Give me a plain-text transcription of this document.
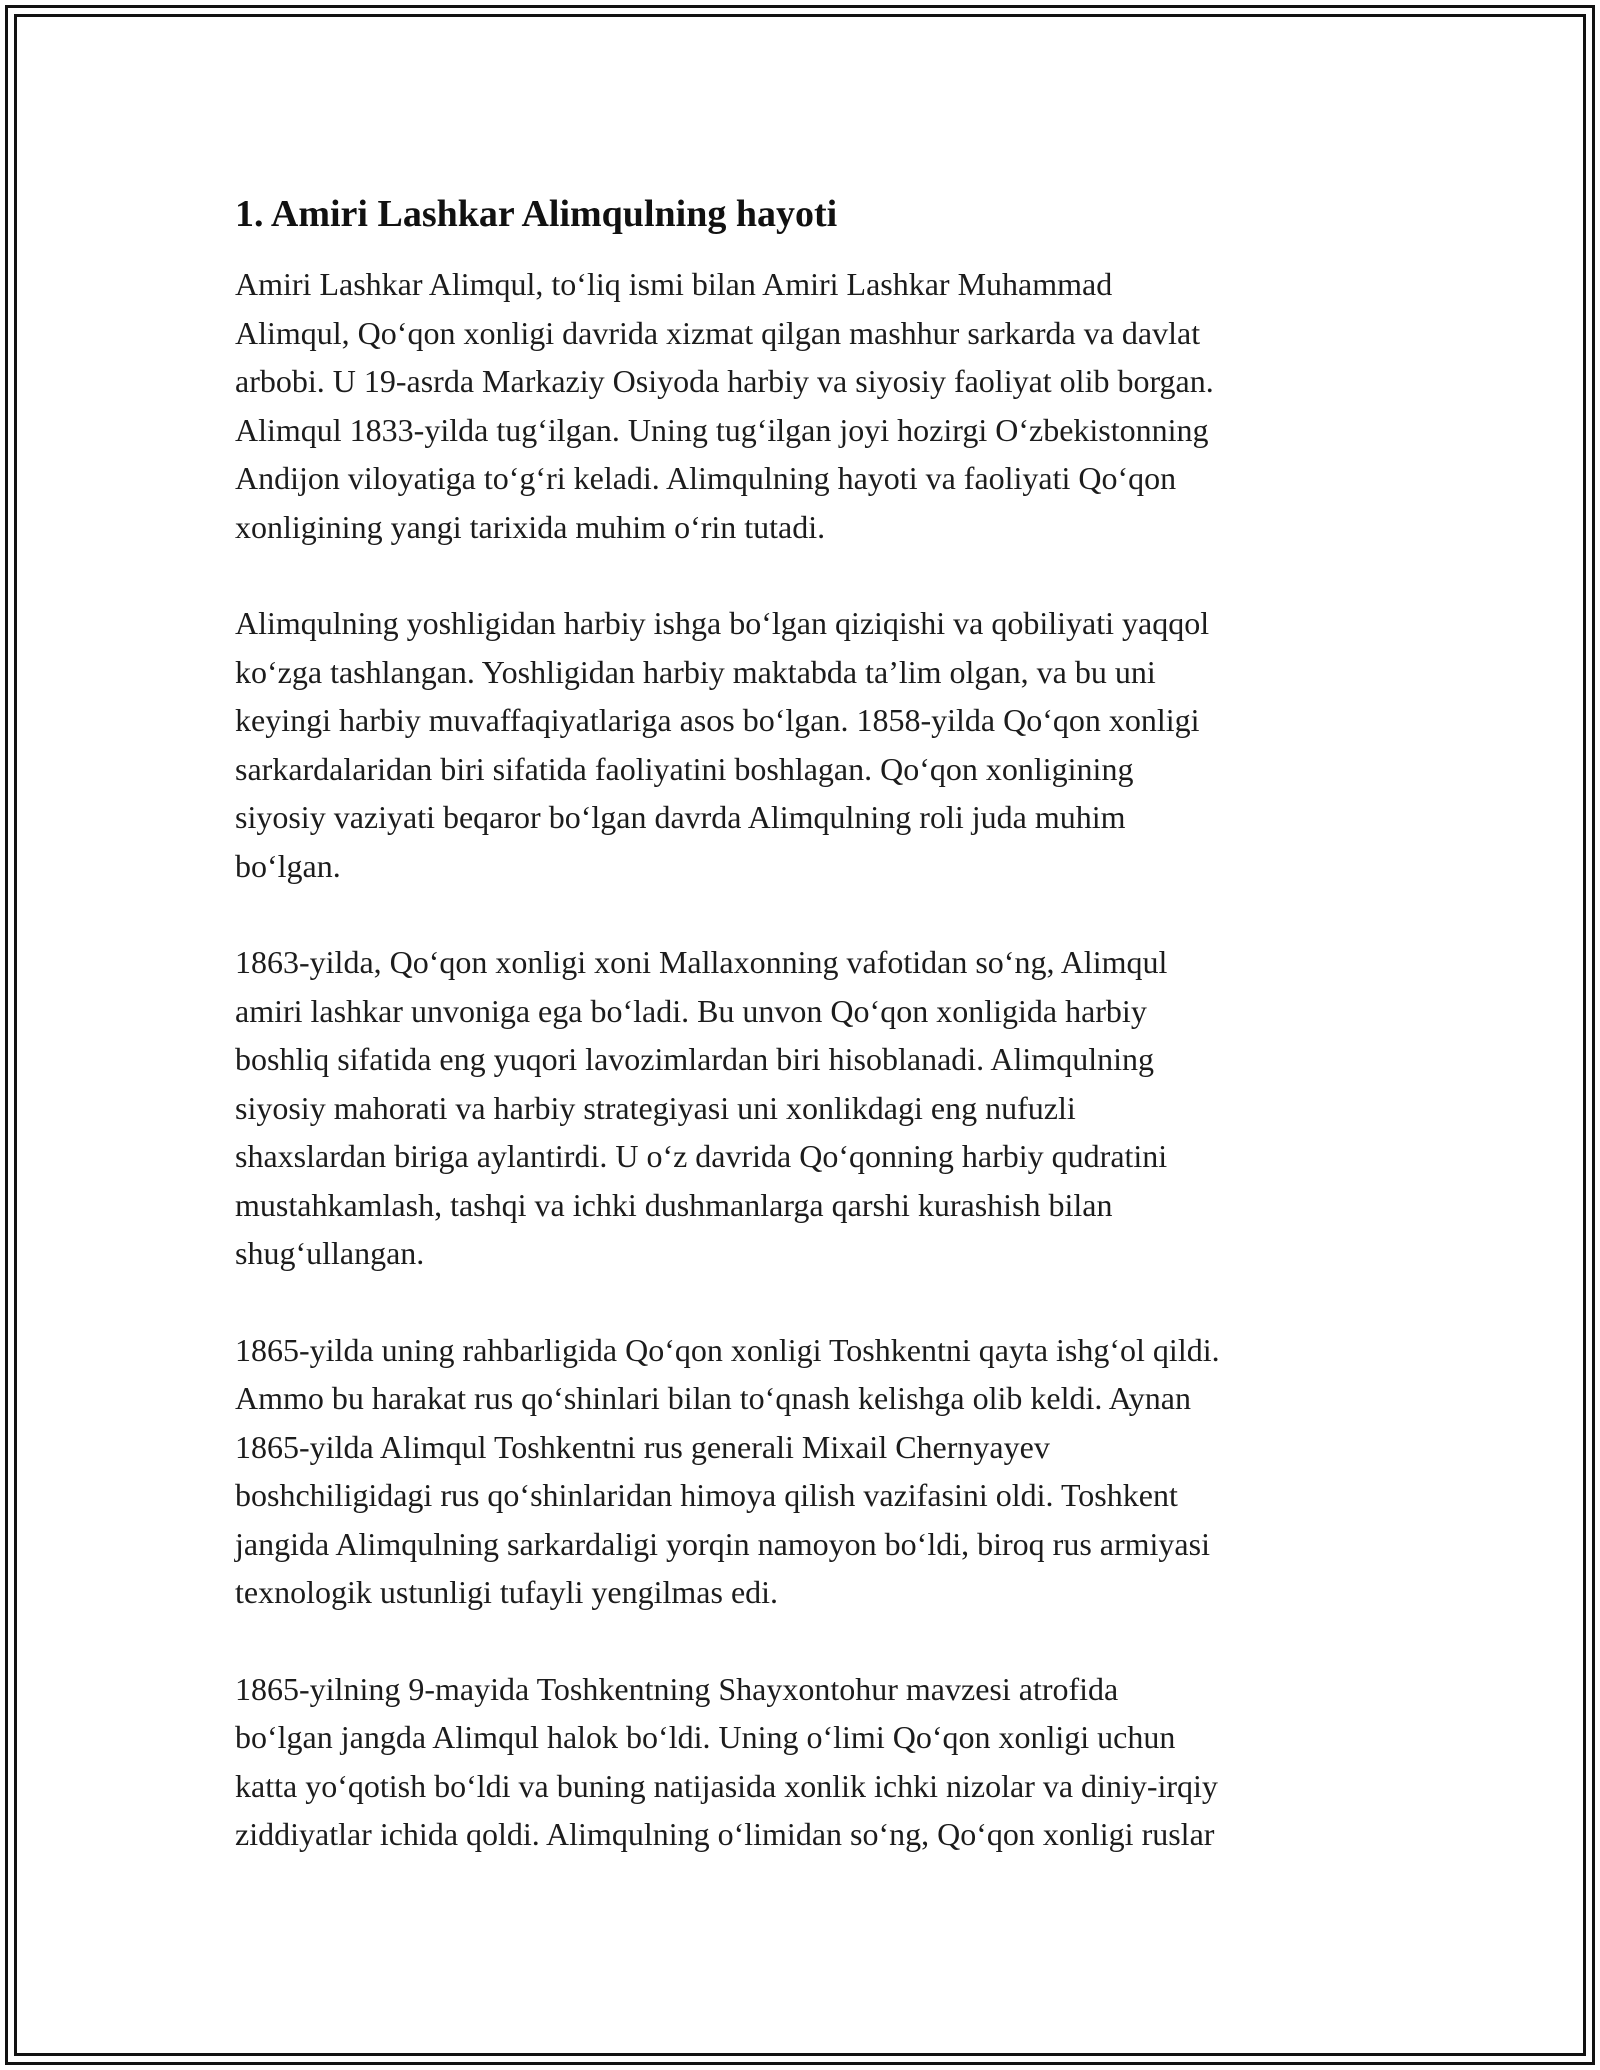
1. Amiri Lashkar Alimqulning hayoti
Amiri Lashkar Alimqul, to‘liq ismi bilan Amiri Lashkar Muhammad
Alimqul, Qo‘qon xonligi davrida xizmat qilgan mashhur sarkarda va davlat
arbobi. U 19-asrda Markaziy Osiyoda harbiy va siyosiy faoliyat olib borgan.
Alimqul 1833-yilda tug‘ilgan. Uning tug‘ilgan joyi hozirgi O‘zbekistonning
Andijon viloyatiga to‘g‘ri keladi. Alimqulning hayoti va faoliyati Qo‘qon
xonligining yangi tarixida muhim o‘rin tutadi.
Alimqulning yoshligidan harbiy ishga bo‘lgan qiziqishi va qobiliyati yaqqol
ko‘zga tashlangan. Yoshligidan harbiy maktabda ta’lim olgan, va bu uni
keyingi harbiy muvaffaqiyatlariga asos bo‘lgan. 1858-yilda Qo‘qon xonligi
sarkardalaridan biri sifatida faoliyatini boshlagan. Qo‘qon xonligining
siyosiy vaziyati beqaror bo‘lgan davrda Alimqulning roli juda muhim
bo‘lgan.
1863-yilda, Qo‘qon xonligi xoni Mallaxonning vafotidan so‘ng, Alimqul
amiri lashkar unvoniga ega bo‘ladi. Bu unvon Qo‘qon xonligida harbiy
boshliq sifatida eng yuqori lavozimlardan biri hisoblanadi. Alimqulning
siyosiy mahorati va harbiy strategiyasi uni xonlikdagi eng nufuzli
shaxslardan biriga aylantirdi. U o‘z davrida Qo‘qonning harbiy qudratini
mustahkamlash, tashqi va ichki dushmanlarga qarshi kurashish bilan
shug‘ullangan.
1865-yilda uning rahbarligida Qo‘qon xonligi Toshkentni qayta ishg‘ol qildi.
Ammo bu harakat rus qo‘shinlari bilan to‘qnash kelishga olib keldi. Aynan
1865-yilda Alimqul Toshkentni rus generali Mixail Chernyayev
boshchiligidagi rus qo‘shinlaridan himoya qilish vazifasini oldi. Toshkent
jangida Alimqulning sarkardaligi yorqin namoyon bo‘ldi, biroq rus armiyasi
texnologik ustunligi tufayli yengilmas edi.
1865-yilning 9-mayida Toshkentning Shayxontohur mavzesi atrofida
bo‘lgan jangda Alimqul halok bo‘ldi. Uning o‘limi Qo‘qon xonligi uchun
katta yo‘qotish bo‘ldi va buning natijasida xonlik ichki nizolar va diniy-irqiy
ziddiyatlar ichida qoldi. Alimqulning o‘limidan so‘ng, Qo‘qon xonligi ruslar
